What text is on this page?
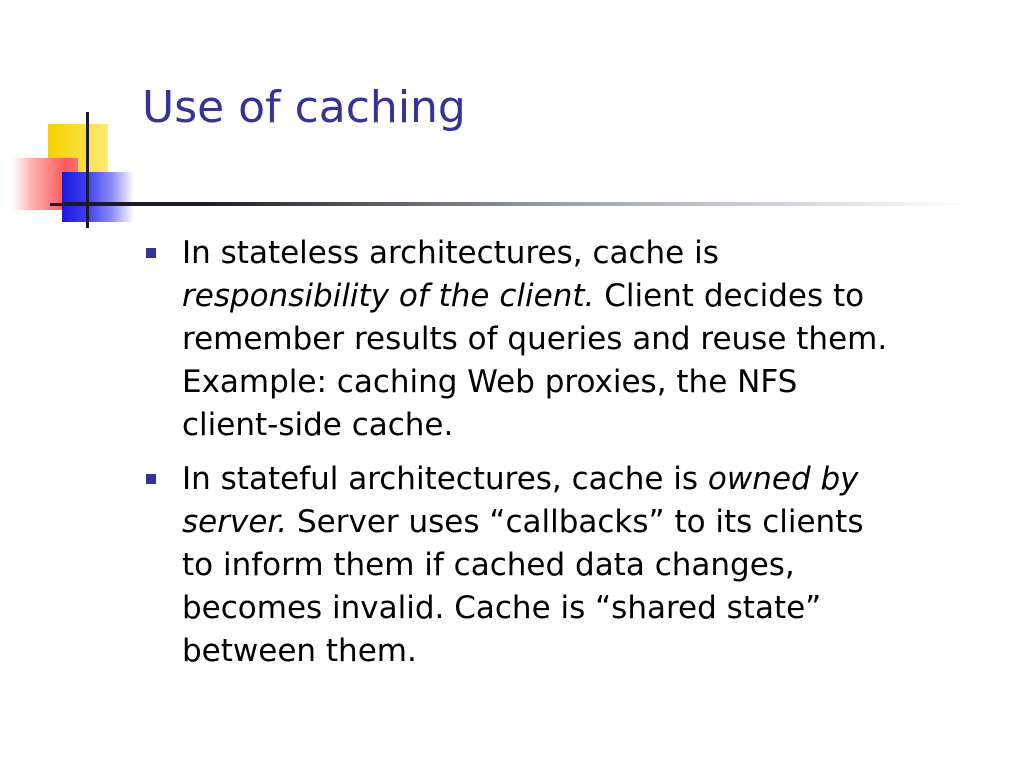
Use of caching

In stateless architectures, cache is
responsibility of the client. Client decides to
remember results of queries and reuse them.
Example: caching Web proxies, the NFS
client-side cache.

In stateful architectures, cache is owned by
server. Server uses “callbacks” to its clients
to inform them if cached data changes,
becomes invalid. Cache is “shared state”
between them.
